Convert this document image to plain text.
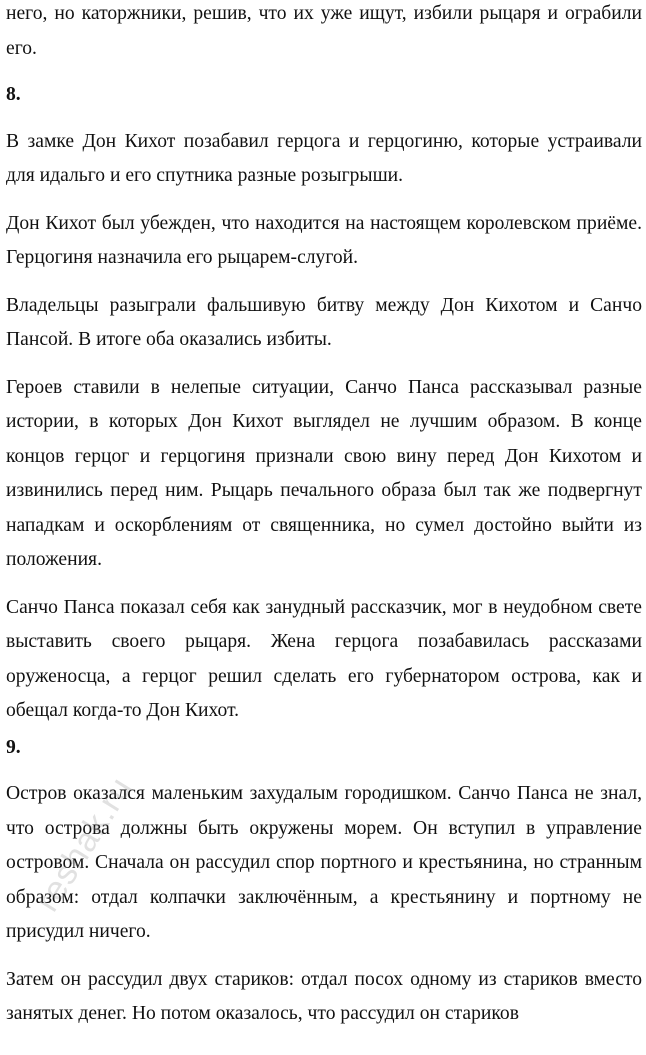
него, но каторжники, решив, что их уже ищут, избили рыцаря и ограбили его.

8.

В замке Дон Кихот позабавил герцога и герцогиню, которые устраивали для идальго и его спутника разные розыгрыши.

Дон Кихот был убежден, что находится на настоящем королевском приёме. Герцогиня назначила его рыцарем-слугой.

Владельцы разыграли фальшивую битву между Дон Кихотом и Санчо Пансой. В итоге оба оказались избиты.

Героев ставили в нелепые ситуации, Санчо Панса рассказывал разные истории, в которых Дон Кихот выглядел не лучшим образом. В конце концов герцог и герцогиня признали свою вину перед Дон Кихотом и извинились перед ним. Рыцарь печального образа был так же подвергнут нападкам и оскорблениям от священника, но сумел достойно выйти из положения.

Санчо Панса показал себя как занудный рассказчик, мог в неудобном свете выставить своего рыцаря. Жена герцога позабавилась рассказами оруженосца, а герцог решил сделать его губернатором острова, как и обещал когда-то Дон Кихот.

9.

Остров оказался маленьким захудалым городишком. Санчо Панса не знал, что острова должны быть окружены морем. Он вступил в управление островом. Сначала он рассудил спор портного и крестьянина, но странным образом: отдал колпачки заключённым, а крестьянину и портному не присудил ничего.

Затем он рассудил двух стариков: отдал посох одному из стариков вместо занятых денег. Но потом оказалось, что рассудил он стариков

reshak.ru
